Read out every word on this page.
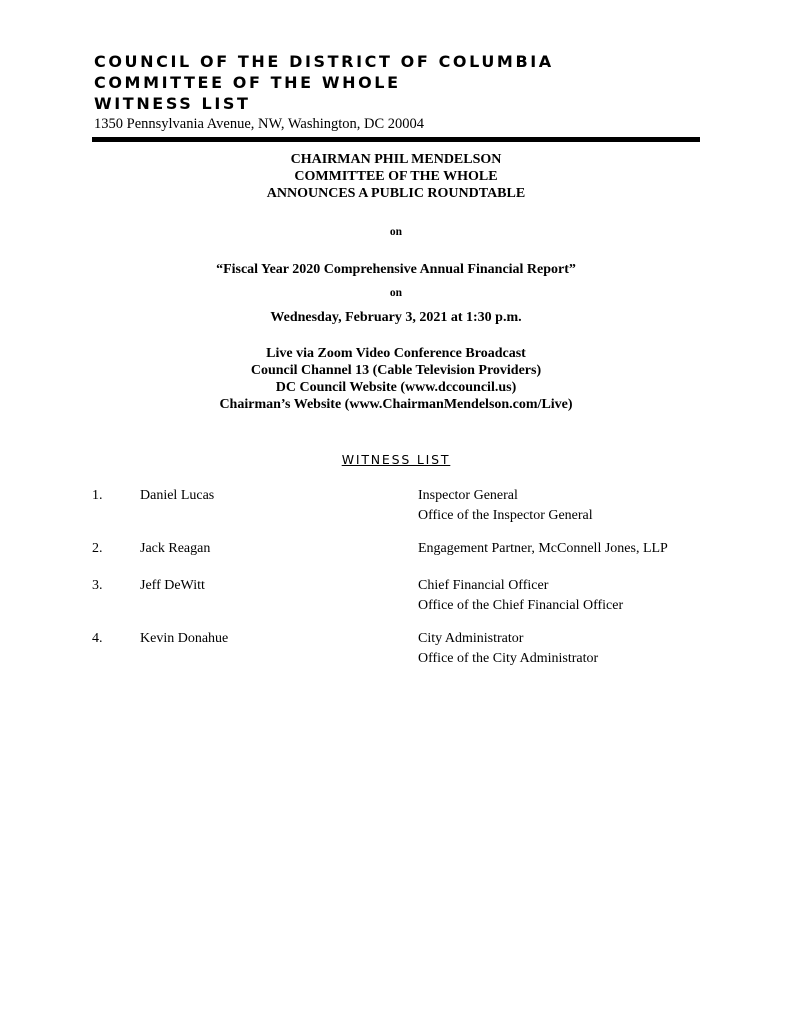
COUNCIL OF THE DISTRICT OF COLUMBIA
COMMITTEE OF THE WHOLE
WITNESS LIST
1350 Pennsylvania Avenue, NW, Washington, DC 20004
CHAIRMAN PHIL MENDELSON
COMMITTEE OF THE WHOLE
ANNOUNCES A PUBLIC ROUNDTABLE
on
“Fiscal Year 2020 Comprehensive Annual Financial Report”
on
Wednesday, February 3, 2021 at 1:30 p.m.
Live via Zoom Video Conference Broadcast
Council Channel 13 (Cable Television Providers)
DC Council Website (www.dccouncil.us)
Chairman’s Website (www.ChairmanMendelson.com/Live)
WITNESS LIST
1.	Daniel Lucas	Inspector General
Office of the Inspector General
2.	Jack Reagan	Engagement Partner, McConnell Jones, LLP
3.	Jeff DeWitt	Chief Financial Officer
Office of the Chief Financial Officer
4.	Kevin Donahue	City Administrator
Office of the City Administrator
